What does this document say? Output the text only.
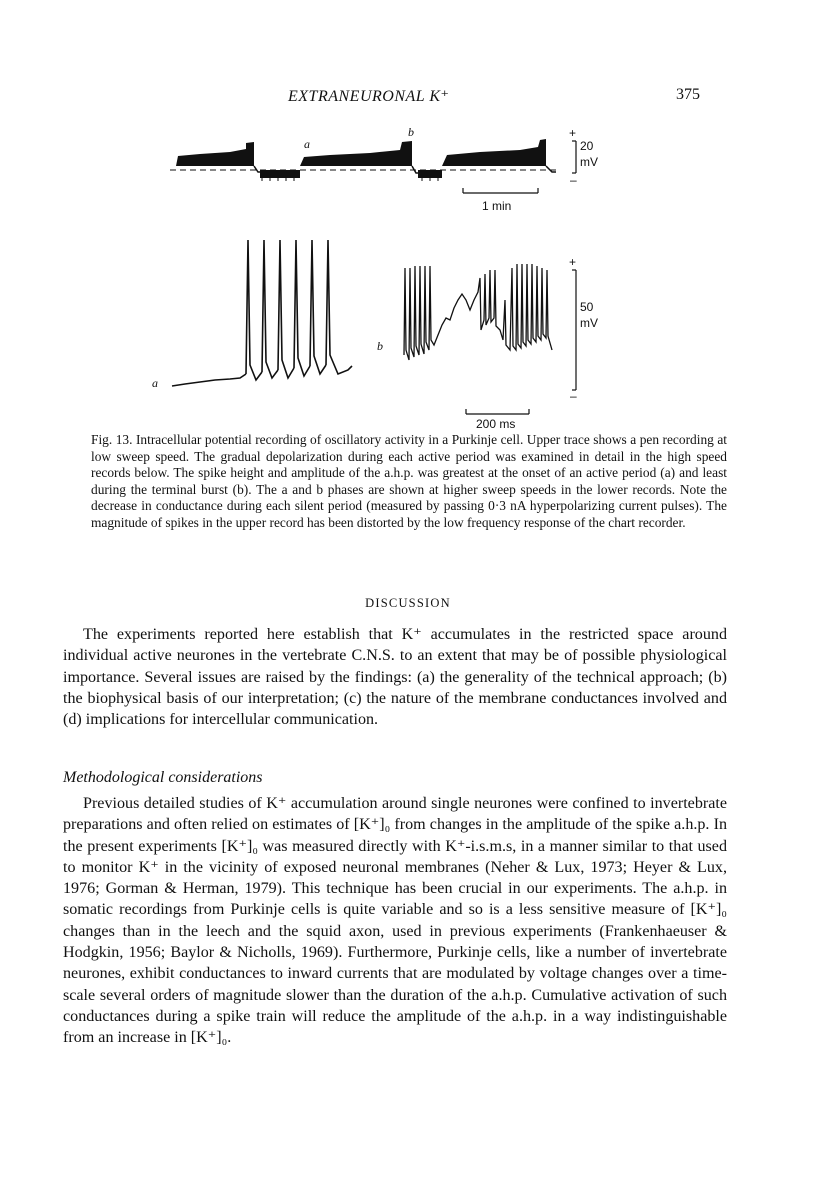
EXTRANEURONAL K⁺	375
a
b	+
–
20
mV
1 min
a
b
+
–
50
mV
200 ms
Fig. 13. Intracellular potential recording of oscillatory activity in a Purkinje cell. Upper trace shows a pen recording at low sweep speed. The gradual depolarization during each active period was examined in detail in the high speed records below. The spike height and amplitude of the a.h.p. was greatest at the onset of an active period (a) and least during the terminal burst (b). The a and b phases are shown at higher sweep speeds in the lower records. Note the decrease in conductance during each silent period (measured by passing 0·3 nA hyperpolarizing current pulses). The magnitude of spikes in the upper record has been distorted by the low frequency response of the chart recorder.
DISCUSSION

The experiments reported here establish that K⁺ accumulates in the restricted space around individual active neurones in the vertebrate C.N.S. to an extent that may be of possible physiological importance. Several issues are raised by the findings: (a) the generality of the technical approach; (b) the biophysical basis of our interpretation; (c) the nature of the membrane conductances involved and (d) implications for intercellular communication.

Methodological considerations

Previous detailed studies of K⁺ accumulation around single neurones were confined to invertebrate preparations and often relied on estimates of [K⁺]₀ from changes in the amplitude of the spike a.h.p. In the present experiments [K⁺]₀ was measured directly with K⁺-i.s.m.s, in a manner similar to that used to monitor K⁺ in the vicinity of exposed neuronal membranes (Neher & Lux, 1973; Heyer & Lux, 1976; Gorman & Herman, 1979). This technique has been crucial in our experiments. The a.h.p. in somatic recordings from Purkinje cells is quite variable and so is a less sensitive measure of [K⁺]₀ changes than in the leech and the squid axon, used in previous experiments (Frankenhaeuser & Hodgkin, 1956; Baylor & Nicholls, 1969). Furthermore, Purkinje cells, like a number of invertebrate neurones, exhibit conductances to inward currents that are modulated by voltage changes over a time-scale several orders of magnitude slower than the duration of the a.h.p. Cumulative activation of such conductances during a spike train will reduce the amplitude of the a.h.p. in a way indistinguishable from an increase in [K⁺]₀.
